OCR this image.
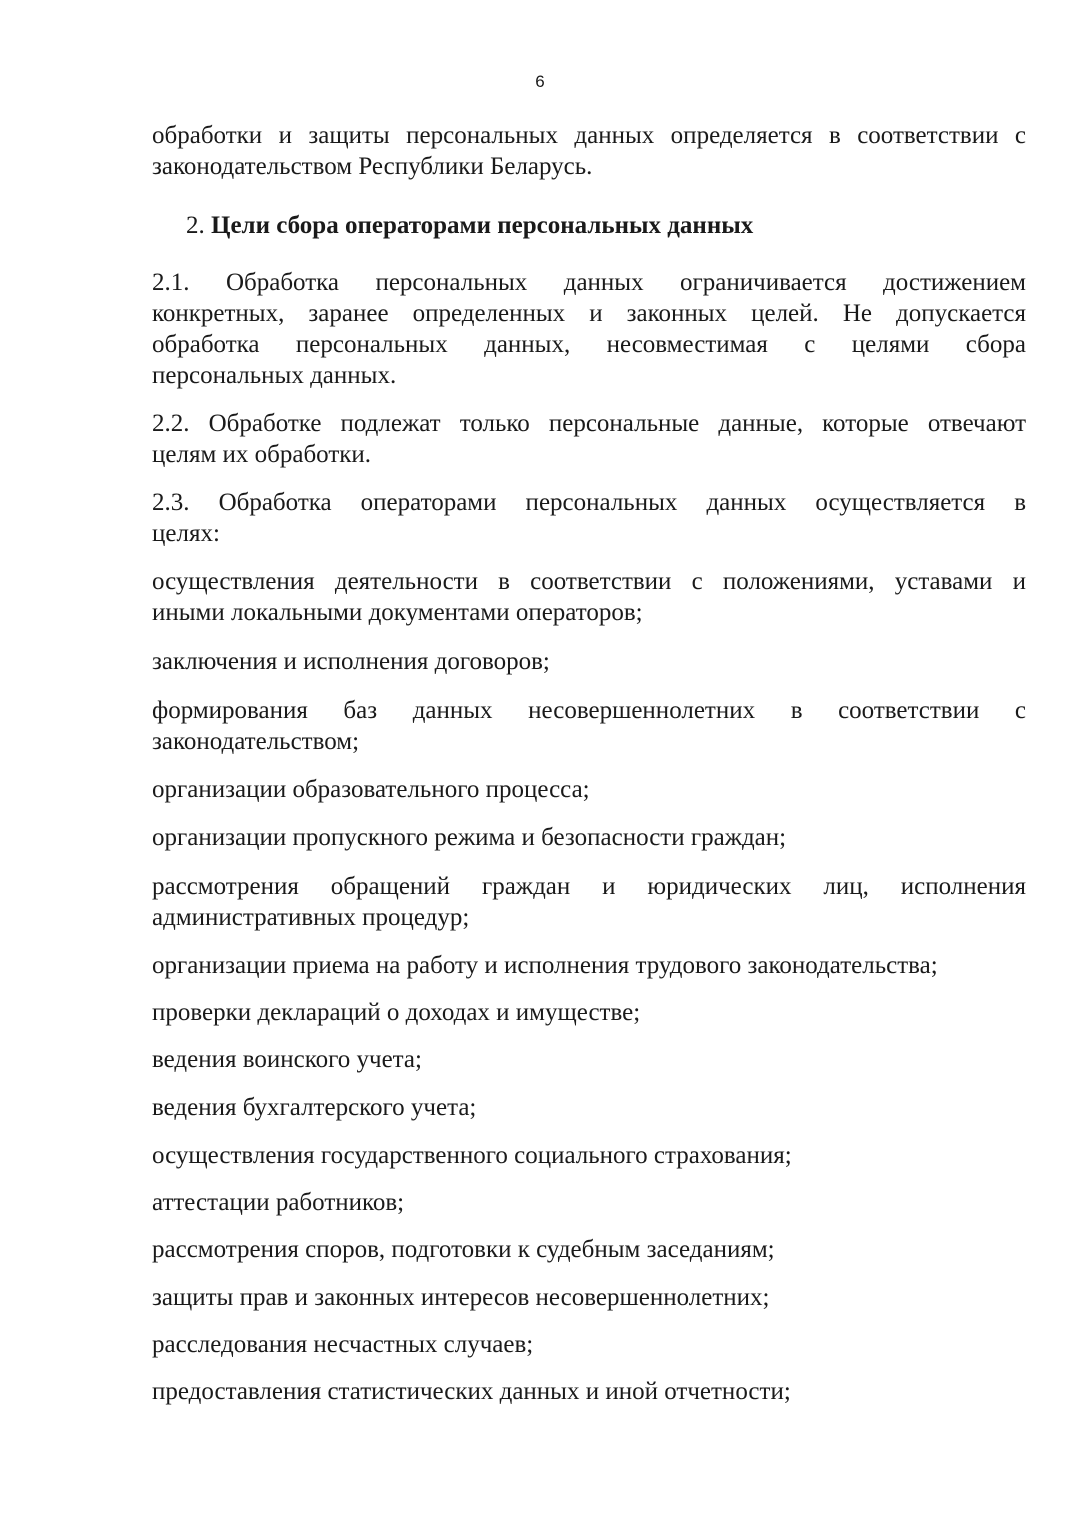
6
обработки и защиты персональных данных определяется в соответствии с
законодательством Республики Беларусь.
2. Цели сбора операторами персональных данных
2.1. Обработка персональных данных ограничивается достижением
конкретных, заранее определенных и законных целей. Не допускается
обработка персональных данных, несовместимая с целями сбора
персональных данных.
2.2. Обработке подлежат только персональные данные, которые отвечают
целям их обработки.
2.3. Обработка операторами персональных данных осуществляется в
целях:
осуществления деятельности в соответствии с положениями, уставами и
иными локальными документами операторов;
заключения и исполнения договоров;
формирования баз данных несовершеннолетних в соответствии с
законодательством;
организации образовательного процесса;
организации пропускного режима и безопасности граждан;
рассмотрения обращений граждан и юридических лиц, исполнения
административных процедур;
организации приема на работу и исполнения трудового законодательства;
проверки деклараций о доходах и имуществе;
ведения воинского учета;
ведения бухгалтерского учета;
осуществления государственного социального страхования;
аттестации работников;
рассмотрения споров, подготовки к судебным заседаниям;
защиты прав и законных интересов несовершеннолетних;
расследования несчастных случаев;
предоставления статистических данных и иной отчетности;
